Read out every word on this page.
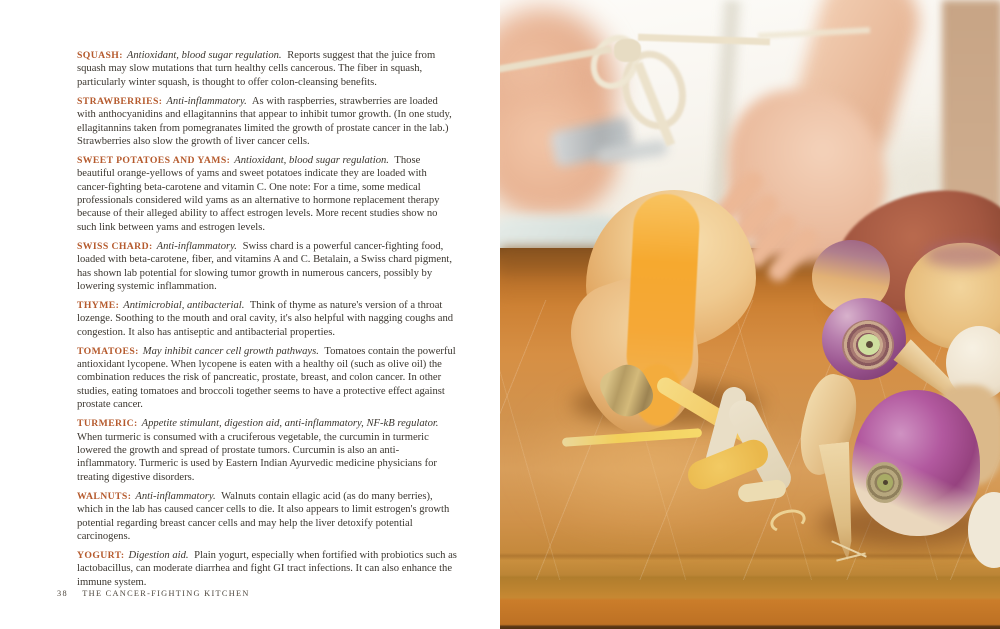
SQUASH: Antioxidant, blood sugar regulation. Reports suggest that the juice from squash may slow mutations that turn healthy cells cancerous. The fiber in squash, particularly winter squash, is thought to offer colon-cleansing benefits.

STRAWBERRIES: Anti-inflammatory. As with raspberries, strawberries are loaded with anthocyanidins and ellagitannins that appear to inhibit tumor growth. (In one study, ellagitannins taken from pomegranates limited the growth of prostate cancer in the lab.) Strawberries also slow the growth of liver cancer cells.

SWEET POTATOES AND YAMS: Antioxidant, blood sugar regulation. Those beautiful orange-yellows of yams and sweet potatoes indicate they are loaded with cancer-fighting beta-carotene and vitamin C. One note: For a time, some medical professionals considered wild yams as an alternative to hormone replacement therapy because of their alleged ability to affect estrogen levels. More recent studies show no such link between yams and estrogen levels.

SWISS CHARD: Anti-inflammatory. Swiss chard is a powerful cancer-fighting food, loaded with beta-carotene, fiber, and vitamins A and C. Betalain, a Swiss chard pigment, has shown lab potential for slowing tumor growth in numerous cancers, possibly by lowering systemic inflammation.

THYME: Antimicrobial, antibacterial. Think of thyme as nature's version of a throat lozenge. Soothing to the mouth and oral cavity, it's also helpful with nagging coughs and congestion. It also has antiseptic and antibacterial properties.

TOMATOES: May inhibit cancer cell growth pathways. Tomatoes contain the powerful antioxidant lycopene. When lycopene is eaten with a healthy oil (such as olive oil) the combination reduces the risk of pancreatic, prostate, breast, and colon cancer. In other studies, eating tomatoes and broccoli together seems to have a protective effect against prostate cancer.

TURMERIC: Appetite stimulant, digestion aid, anti-inflammatory, NF-kB regulator. When turmeric is consumed with a cruciferous vegetable, the curcumin in turmeric lowered the growth and spread of prostate tumors. Curcumin is also an anti-inflammatory. Turmeric is used by Eastern Indian Ayurvedic medicine physicians for treating digestive disorders.

WALNUTS: Anti-inflammatory. Walnuts contain ellagic acid (as do many berries), which in the lab has caused cancer cells to die. It also appears to limit estrogen's growth potential regarding breast cancer cells and may help the liver detoxify potential carcinogens.

YOGURT: Digestion aid. Plain yogurt, especially when fortified with probiotics such as lactobacillus, can moderate diarrhea and fight GI tract infections. It can also enhance the immune system.

38 THE CANCER-FIGHTING KITCHEN
